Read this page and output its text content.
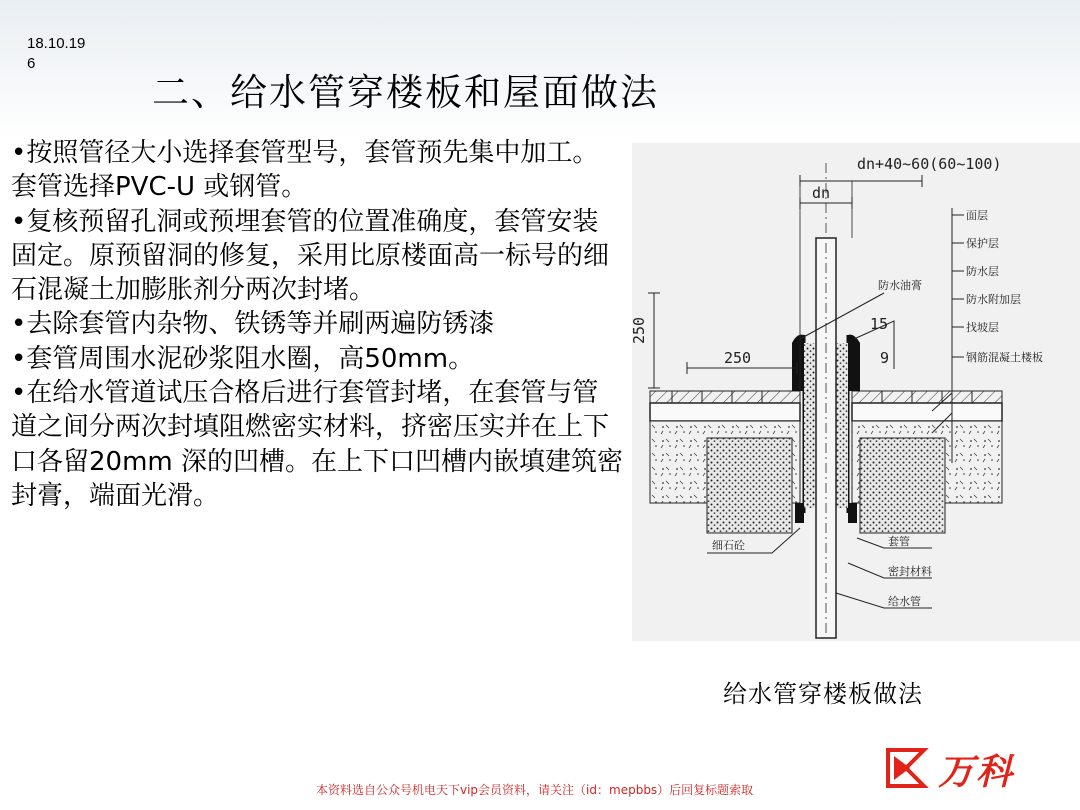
18.10.19
6
二、给水管穿楼板和屋面做法

•按照管径大小选择套管型号，套管预先集中加工。套管选择PVC-U 或钢管。

•复核预留孔洞或预埋套管的位置准确度，套管安装固定。原预留洞的修复，采用比原楼面高一标号的细石混凝土加膨胀剂分两次封堵。

•去除套管内杂物、铁锈等并刷两遍防锈漆

•套管周围水泥砂浆阻水圈，高50mm。

•在给水管道试压合格后进行套管封堵，在套管与管道之间分两次封填阻燃密实材料，挤密压实并在上下口各留20mm 深的凹槽。在上下口凹槽内嵌填建筑密封膏，端面光滑。

dn+40~60(60~100)
dn
250
250
15
9
面层
保护层
防水层
防水附加层
找坡层
钢筋混凝土楼板
防水油膏
套管
密封材料
给水管
细石砼
给水管穿楼板做法
万科
本资料选自公众号机电天下vip会员资料，请关注（id：mepbbs）后回复标题索取
